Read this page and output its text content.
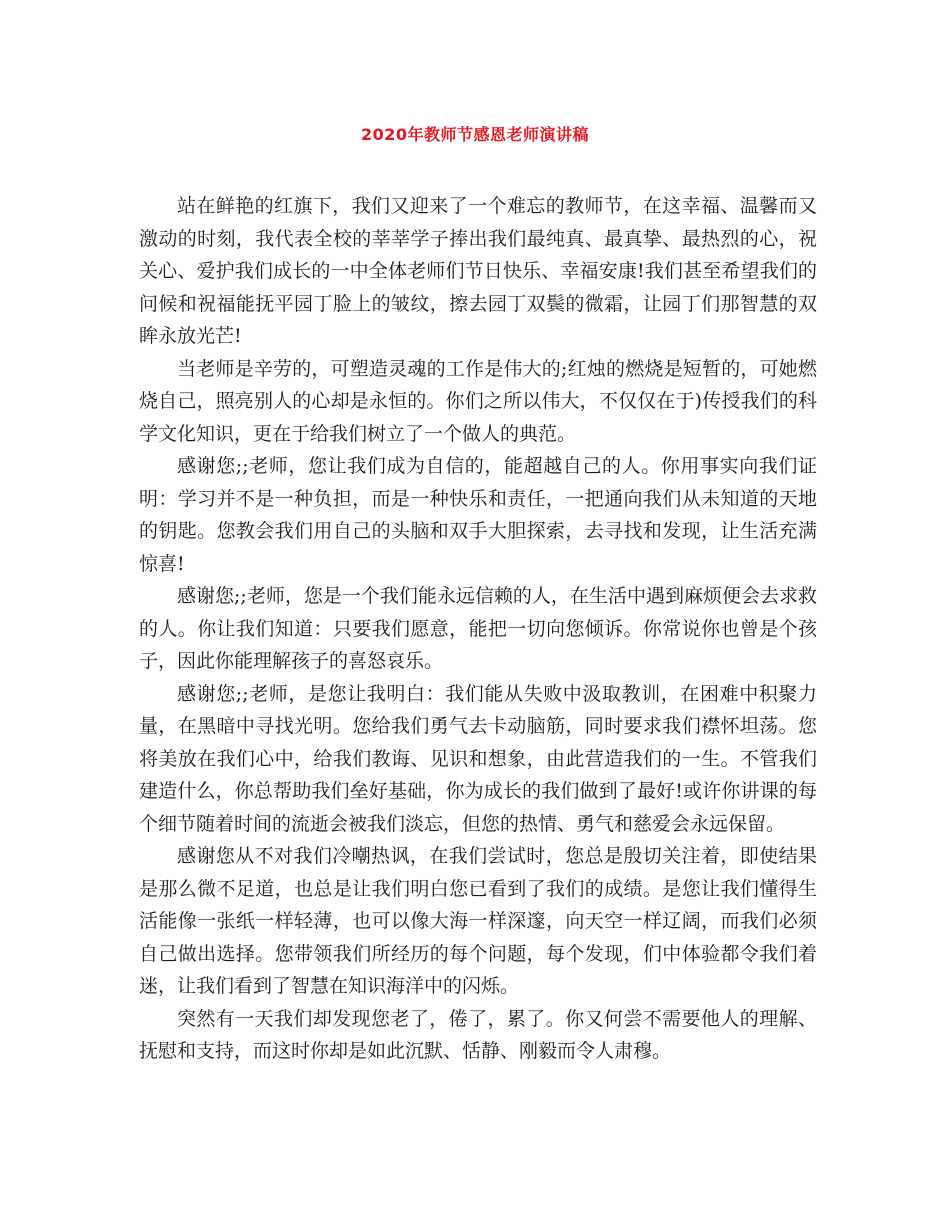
2020年教师节感恩老师演讲稿

站在鲜艳的红旗下，我们又迎来了一个难忘的教师节，在这幸福、温馨而又激动的时刻，我代表全校的莘莘学子捧出我们最纯真、最真挚、最热烈的心，祝关心、爱护我们成长的一中全体老师们节日快乐、幸福安康!我们甚至希望我们的问候和祝福能抚平园丁脸上的皱纹，擦去园丁双鬓的微霜，让园丁们那智慧的双眸永放光芒!

当老师是辛劳的，可塑造灵魂的工作是伟大的;红烛的燃烧是短暂的，可她燃烧自己，照亮别人的心却是永恒的。你们之所以伟大，不仅仅在于)传授我们的科学文化知识，更在于给我们树立了一个做人的典范。

感谢您;;老师，您让我们成为自信的，能超越自己的人。你用事实向我们证明：学习并不是一种负担，而是一种快乐和责任，一把通向我们从未知道的天地的钥匙。您教会我们用自己的头脑和双手大胆探索，去寻找和发现，让生活充满惊喜!

感谢您;;老师，您是一个我们能永远信赖的人，在生活中遇到麻烦便会去求救的人。你让我们知道：只要我们愿意，能把一切向您倾诉。你常说你也曾是个孩子，因此你能理解孩子的喜怒哀乐。

感谢您;;老师，是您让我明白：我们能从失败中汲取教训，在困难中积聚力量，在黑暗中寻找光明。您给我们勇气去卡动脑筋，同时要求我们襟怀坦荡。您将美放在我们心中，给我们教诲、见识和想象，由此营造我们的一生。不管我们建造什么，你总帮助我们垒好基础，你为成长的我们做到了最好!或许你讲课的每个细节随着时间的流逝会被我们淡忘，但您的热情、勇气和慈爱会永远保留。

感谢您从不对我们冷嘲热讽，在我们尝试时，您总是殷切关注着，即使结果是那么微不足道，也总是让我们明白您已看到了我们的成绩。是您让我们懂得生活能像一张纸一样轻薄，也可以像大海一样深邃，向天空一样辽阔，而我们必须自己做出选择。您带领我们所经历的每个问题，每个发现，们中体验都令我们着迷，让我们看到了智慧在知识海洋中的闪烁。

突然有一天我们却发现您老了，倦了，累了。你又何尝不需要他人的理解、抚慰和支持，而这时你却是如此沉默、恬静、刚毅而令人肃穆。
